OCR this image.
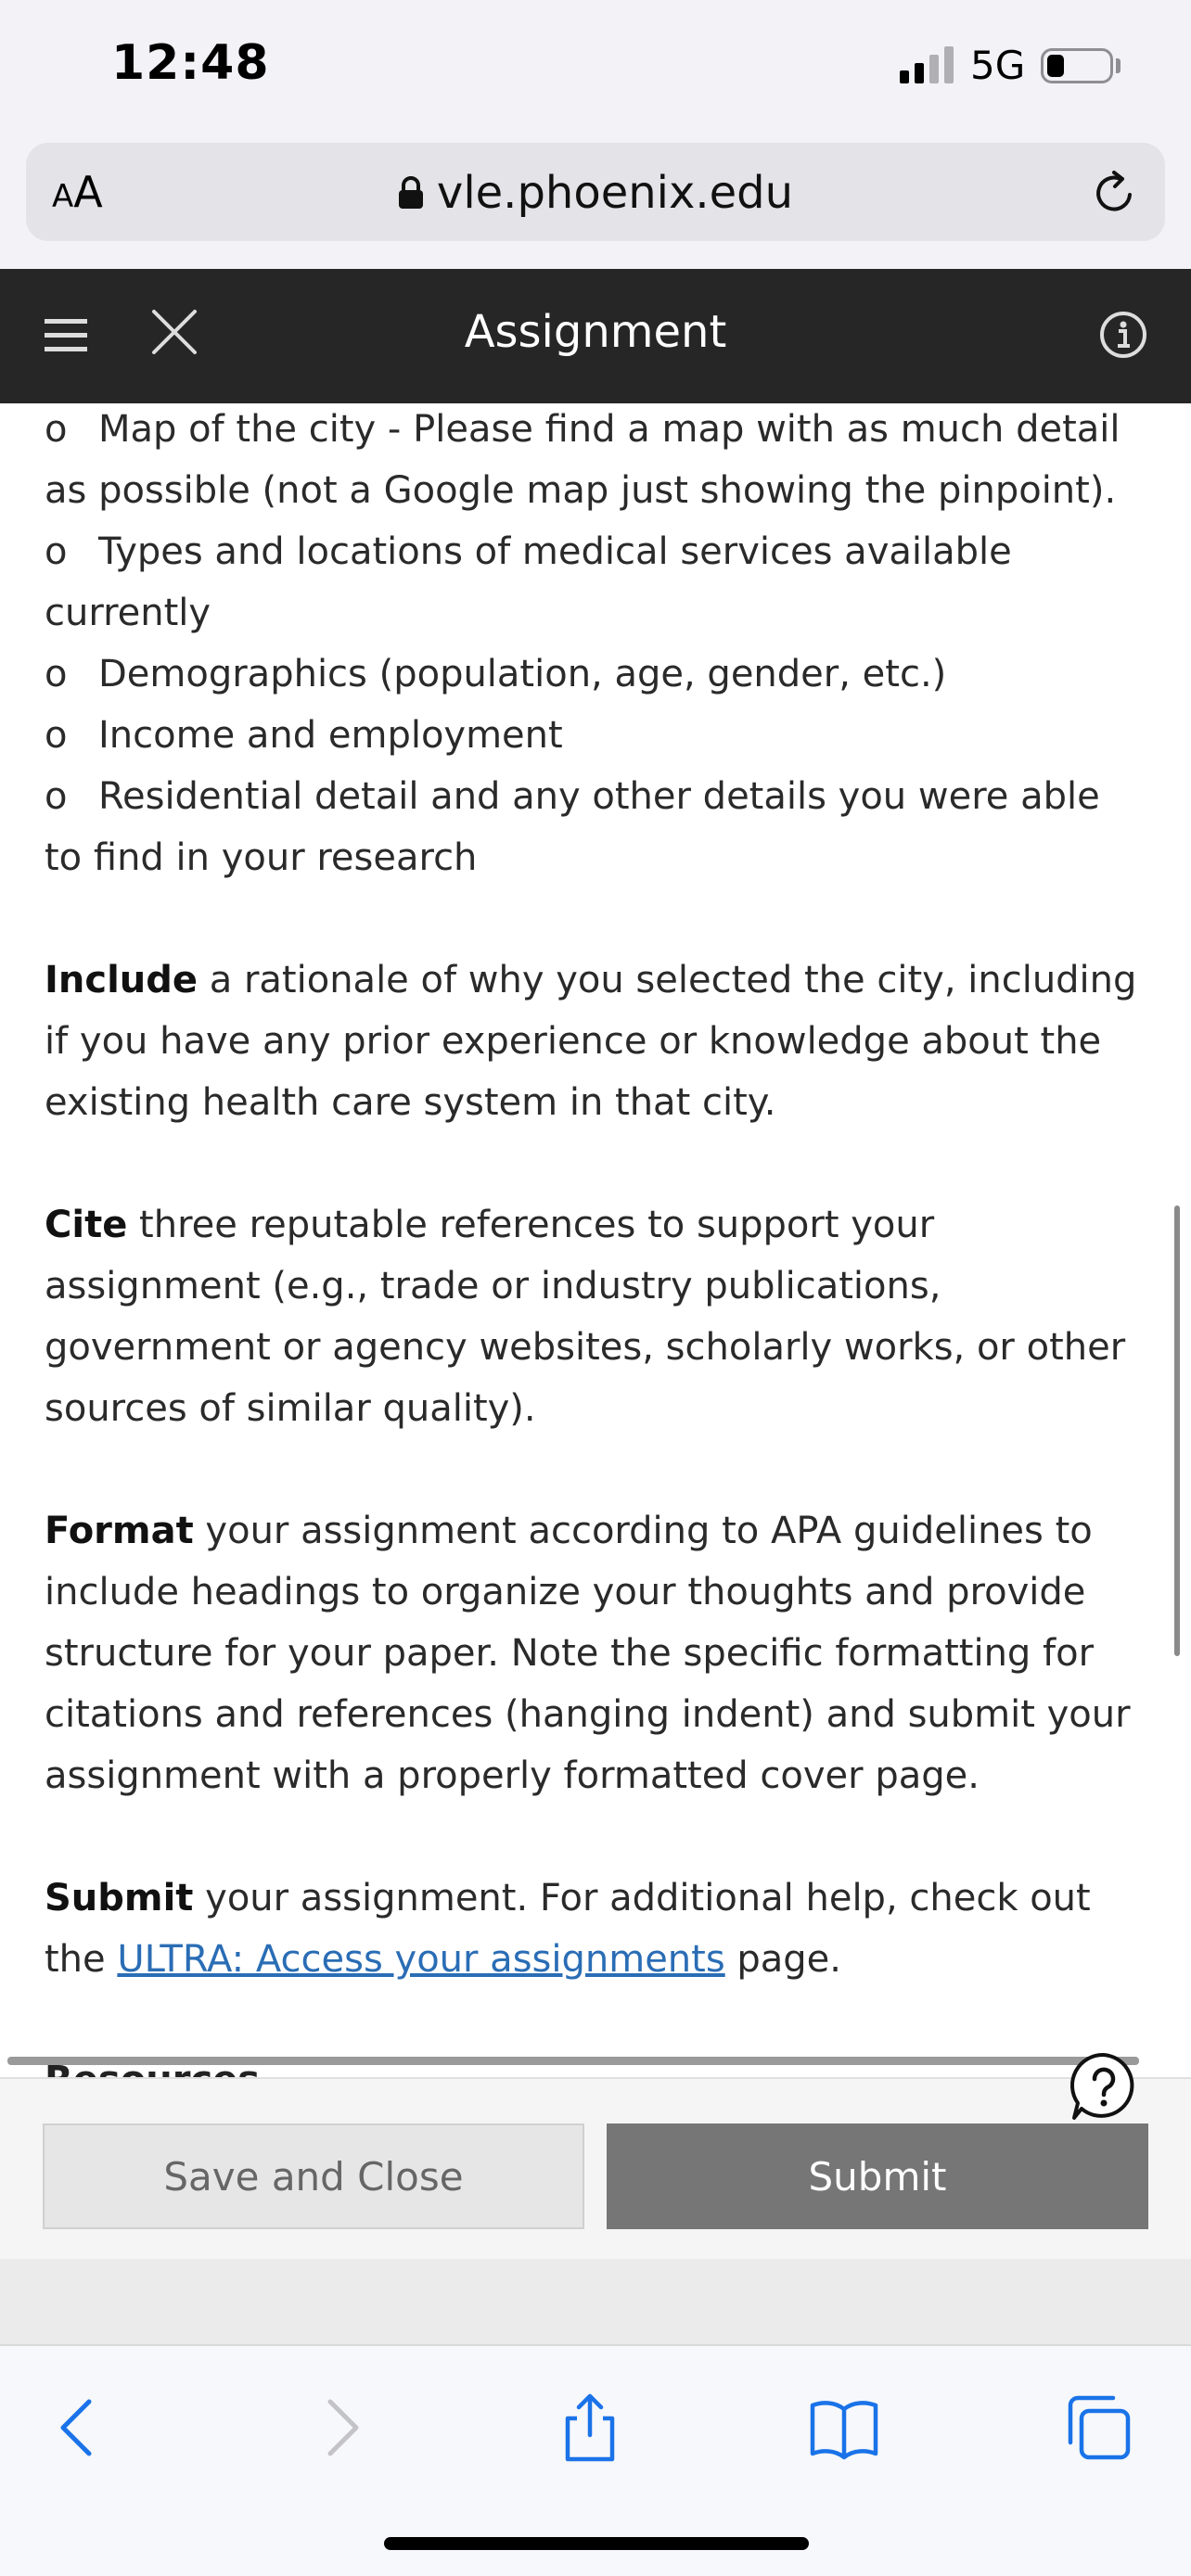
12:48	5G
AA	vle.phoenix.edu
Assignment
o Map of the city - Please find a map with as much detail as possible (not a Google map just showing the pinpoint).
o Types and locations of medical services available currently
o Demographics (population, age, gender, etc.)
o Income and employment
o Residential detail and any other details you were able to find in your research

Include a rationale of why you selected the city, including if you have any prior experience or knowledge about the existing health care system in that city.

Cite three reputable references to support your assignment (e.g., trade or industry publications, government or agency websites, scholarly works, or other sources of similar quality).

Format your assignment according to APA guidelines to include headings to organize your thoughts and provide structure for your paper. Note the specific formatting for citations and references (hanging indent) and submit your assignment with a properly formatted cover page.

Submit your assignment. For additional help, check out the ULTRA: Access your assignments page.

Save and Close	Submit
